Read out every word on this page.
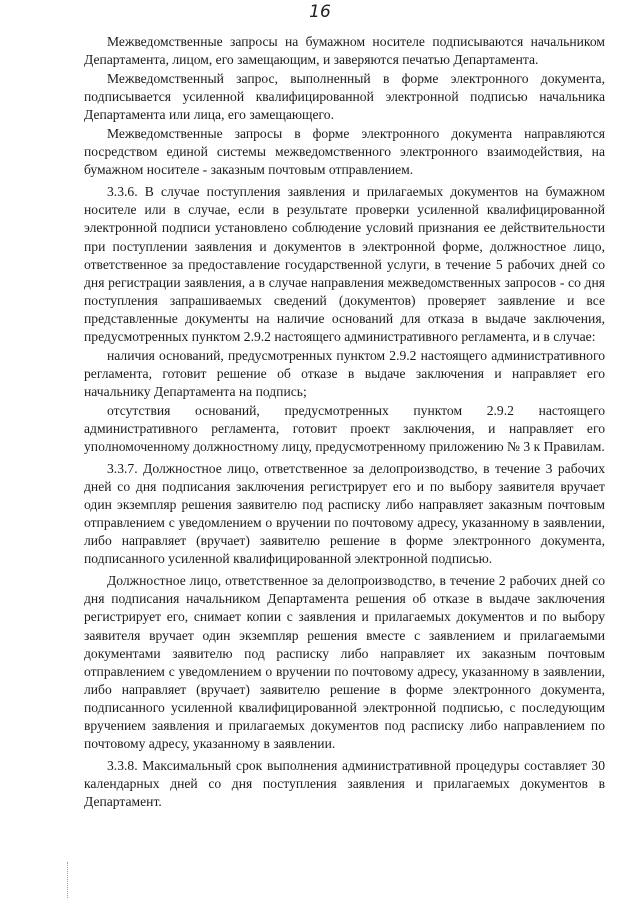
16

Межведомственные запросы на бумажном носителе подписываются начальником Департамента, лицом, его замещающим, и заверяются печатью Департамента.

Межведомственный запрос, выполненный в форме электронного документа, подписывается усиленной квалифицированной электронной подписью начальника Департамента или лица, его замещающего.

Межведомственные запросы в форме электронного документа направляются посредством единой системы межведомственного электронного взаимодействия, на бумажном носителе - заказным почтовым отправлением.

3.3.6. В случае поступления заявления и прилагаемых документов на бумажном носителе или в случае, если в результате проверки усиленной квалифицированной электронной подписи установлено соблюдение условий признания ее действительности при поступлении заявления и документов в электронной форме, должностное лицо, ответственное за предоставление государственной услуги, в течение 5 рабочих дней со дня регистрации заявления, а в случае направления межведомственных запросов - со дня поступления запрашиваемых сведений (документов) проверяет заявление и все представленные документы на наличие оснований для отказа в выдаче заключения, предусмотренных пунктом 2.9.2 настоящего административного регламента, и в случае:

наличия оснований, предусмотренных пунктом 2.9.2 настоящего административного регламента, готовит решение об отказе в выдаче заключения и направляет его начальнику Департамента на подпись;

отсутствия оснований, предусмотренных пунктом 2.9.2 настоящего административного регламента, готовит проект заключения, и направляет его уполномоченному должностному лицу, предусмотренному приложению № 3 к Правилам.

3.3.7. Должностное лицо, ответственное за делопроизводство, в течение 3 рабочих дней со дня подписания заключения регистрирует его и по выбору заявителя вручает один экземпляр решения заявителю под расписку либо направляет заказным почтовым отправлением с уведомлением о вручении по почтовому адресу, указанному в заявлении, либо направляет (вручает) заявителю решение в форме электронного документа, подписанного усиленной квалифицированной электронной подписью.

Должностное лицо, ответственное за делопроизводство, в течение 2 рабочих дней со дня подписания начальником Департамента решения об отказе в выдаче заключения регистрирует его, снимает копии с заявления и прилагаемых документов и по выбору заявителя вручает один экземпляр решения вместе с заявлением и прилагаемыми документами заявителю под расписку либо направляет их заказным почтовым отправлением с уведомлением о вручении по почтовому адресу, указанному в заявлении, либо направляет (вручает) заявителю решение в форме электронного документа, подписанного усиленной квалифицированной электронной подписью, с последующим вручением заявления и прилагаемых документов под расписку либо направлением по почтовому адресу, указанному в заявлении.

3.3.8. Максимальный срок выполнения административной процедуры составляет 30 календарных дней со дня поступления заявления и прилагаемых документов в Департамент.
